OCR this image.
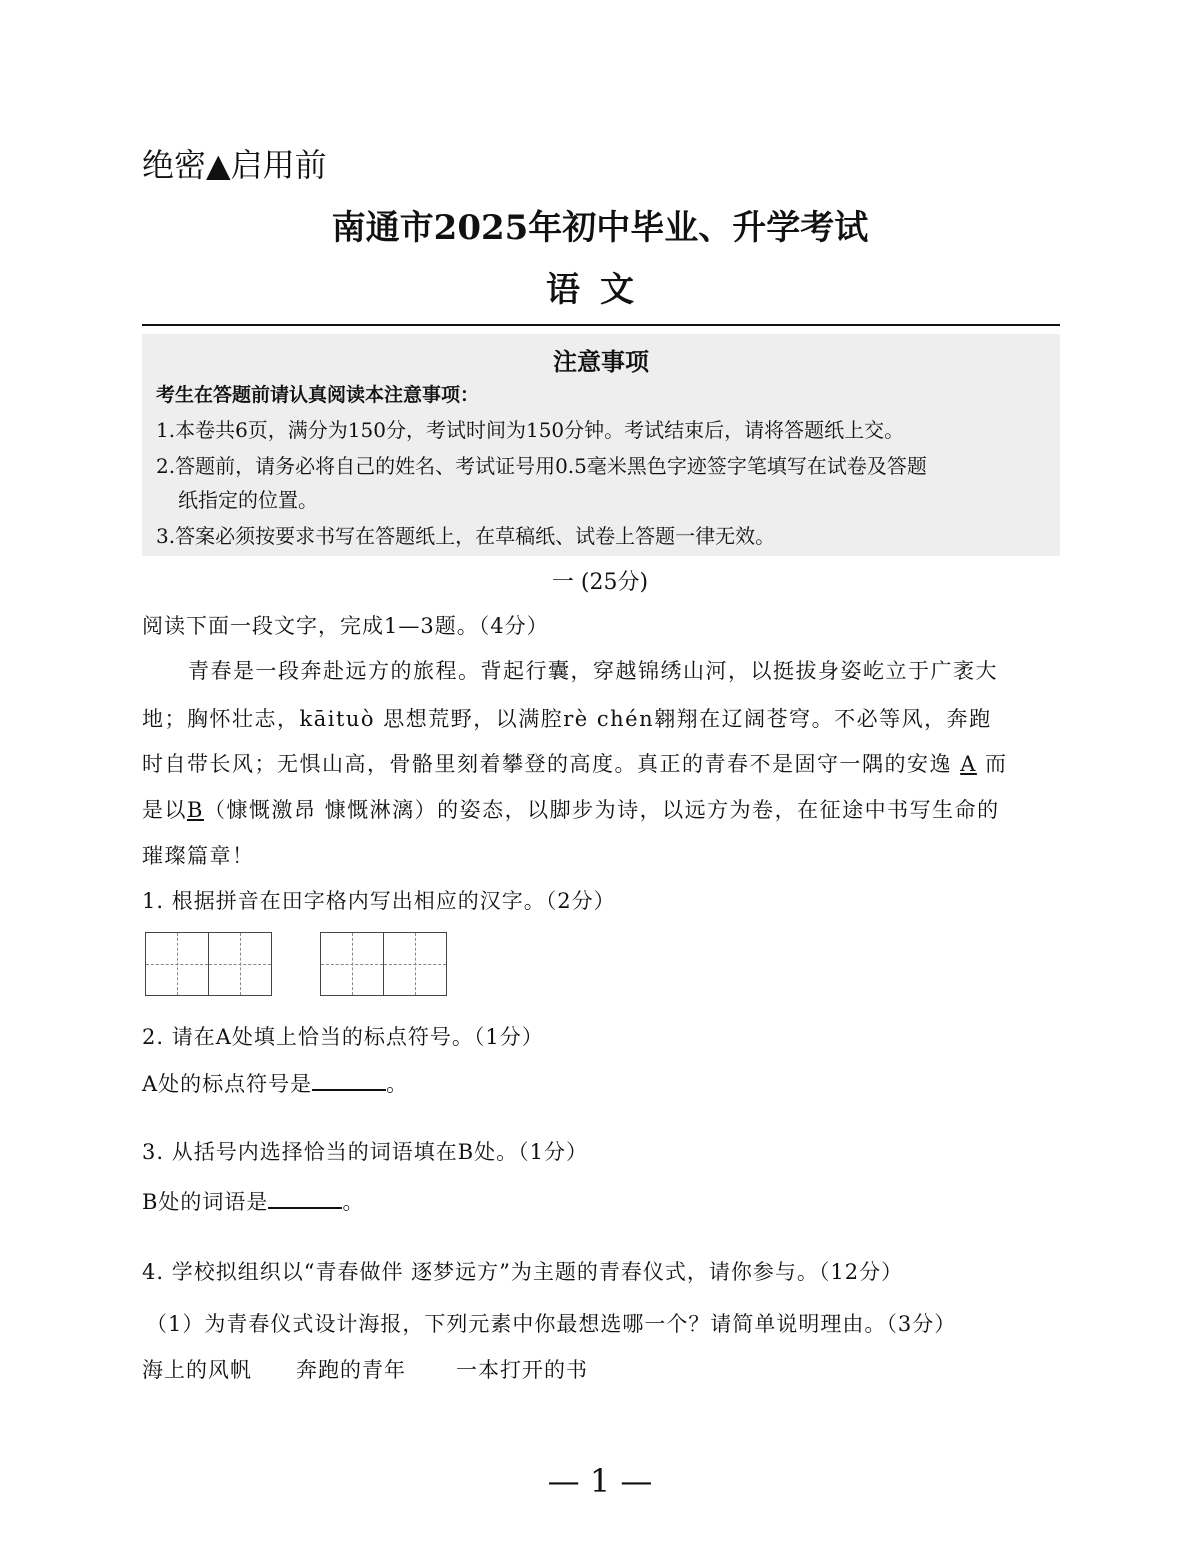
绝密▲启用前
南通市2025年初中毕业、升学考试
语文
注意事项
考生在答题前请认真阅读本注意事项：
1.本卷共6页，满分为150分，考试时间为150分钟。考试结束后，请将答题纸上交。
2.答题前，请务必将自己的姓名、考试证号用0.5毫米黑色字迹签字笔填写在试卷及答题
纸指定的位置。
3.答案必须按要求书写在答题纸上，在草稿纸、试卷上答题一律无效。
一 (25分)
阅读下面一段文字，完成1—3题。（4分）
青春是一段奔赴远方的旅程。背起行囊，穿越锦绣山河，以挺拔身姿屹立于广袤大
地；胸怀壮志，kāituò 思想荒野，以满腔rè chén翱翔在辽阔苍穹。不必等风，奔跑
时自带长风；无惧山高，骨骼里刻着攀登的高度。真正的青春不是固守一隅的安逸 A 而
是以B（慷慨激昂 慷慨淋漓）的姿态，以脚步为诗，以远方为卷，在征途中书写生命的
璀璨篇章！
1. 根据拼音在田字格内写出相应的汉字。（2分）
2. 请在A处填上恰当的标点符号。（1分）
A处的标点符号是	。
3. 从括号内选择恰当的词语填在B处。（1分）
B处的词语是	。
4. 学校拟组织以“青春做伴 逐梦远方”为主题的青春仪式，请你参与。（12分）
（1）为青春仪式设计海报，下列元素中你最想选哪一个？请简单说明理由。（3分）
海上的风帆 奔跑的青年 一本打开的书
— 1 —
